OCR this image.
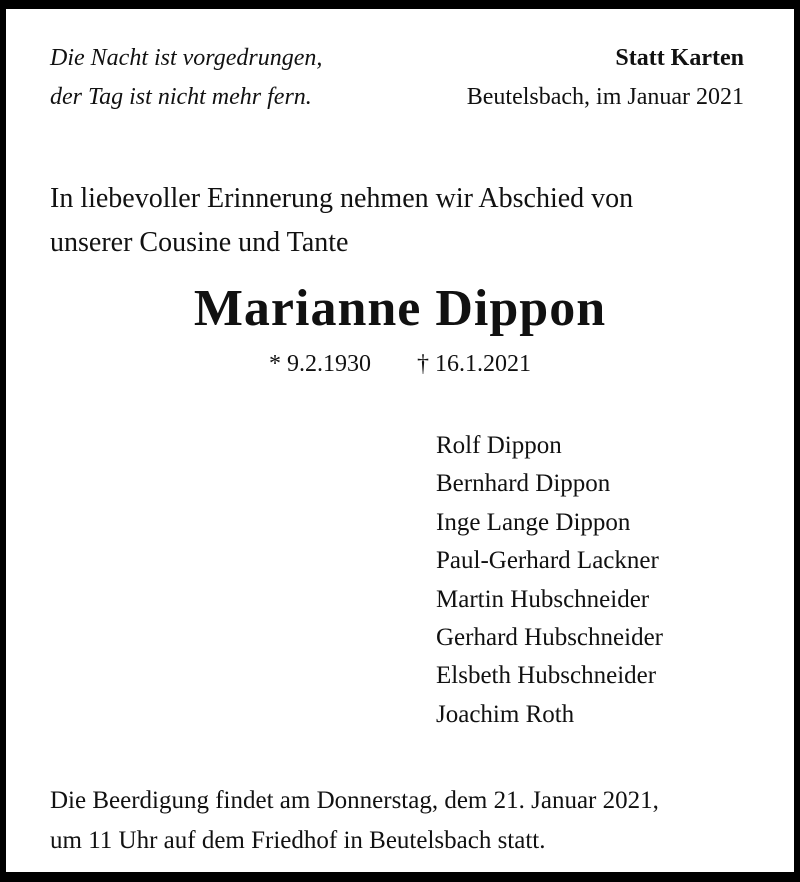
Die Nacht ist vorgedrungen,
der Tag ist nicht mehr fern.
Statt Karten
Beutelsbach, im Januar 2021
In liebevoller Erinnerung nehmen wir Abschied von
unserer Cousine und Tante
Marianne Dippon
* 9.2.1930 † 16.1.2021
Rolf Dippon
Bernhard Dippon
Inge Lange Dippon
Paul-Gerhard Lackner
Martin Hubschneider
Gerhard Hubschneider
Elsbeth Hubschneider
Joachim Roth
Die Beerdigung findet am Donnerstag, dem 21. Januar 2021,
um 11 Uhr auf dem Friedhof in Beutelsbach statt.
